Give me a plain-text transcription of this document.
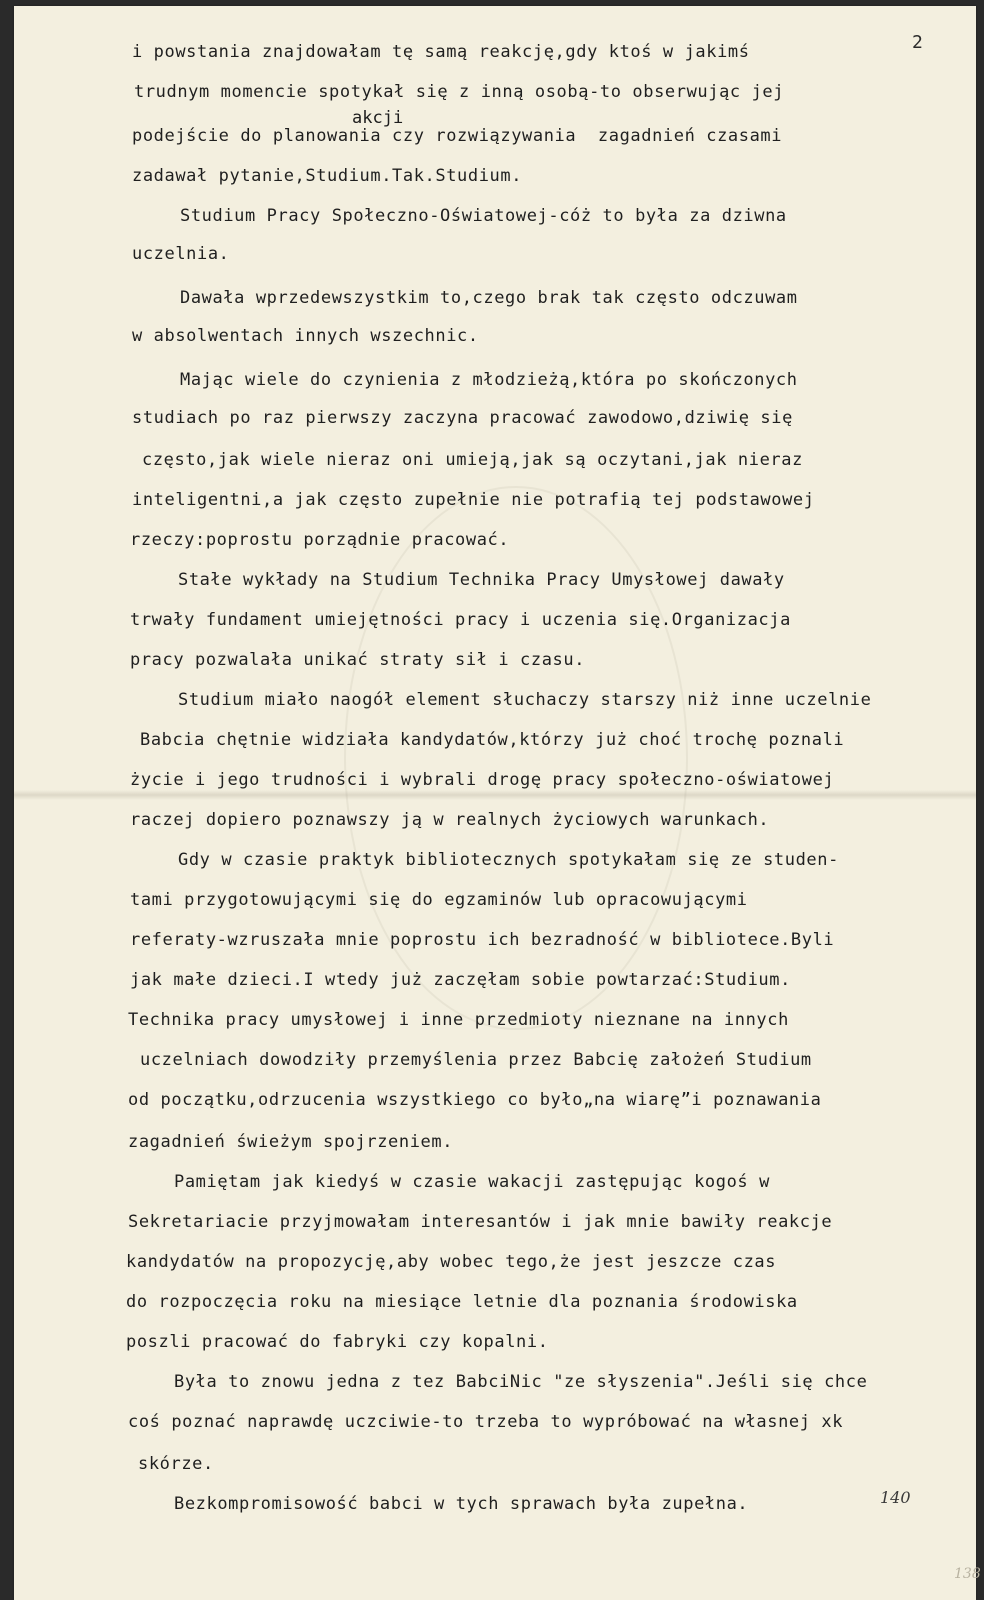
2
akcji
i powstania znajdowałam tę samą reakcję,gdy ktoś w jakimś
trudnym momencie spotykał się z inną osobą-to obserwując jej
podejście do planowania czy rozwiązywania  zagadnień czasami
zadawał pytanie,Studium.Tak.Studium.
Studium Pracy Społeczno-Oświatowej-cóż to była za dziwna
uczelnia.
Dawała wprzedewszystkim to,czego brak tak często odczuwam
w absolwentach innych wszechnic.
Mając wiele do czynienia z młodzieżą,która po skończonych
studiach po raz pierwszy zaczyna pracować zawodowo,dziwię się
często,jak wiele nieraz oni umieją,jak są oczytani,jak nieraz
inteligentni,a jak często zupełnie nie potrafią tej podstawowej
rzeczy:poprostu porządnie pracować.
Stałe wykłady na Studium Technika Pracy Umysłowej dawały
trwały fundament umiejętności pracy i uczenia się.Organizacja
pracy pozwalała unikać straty sił i czasu.
Studium miało naogół element słuchaczy starszy niż inne uczelnie
Babcia chętnie widziała kandydatów,którzy już choć trochę poznali
życie i jego trudności i wybrali drogę pracy społeczno-oświatowej
raczej dopiero poznawszy ją w realnych życiowych warunkach.
Gdy w czasie praktyk bibliotecznych spotykałam się ze studen-
tami przygotowującymi się do egzaminów lub opracowującymi
referaty-wzruszała mnie poprostu ich bezradność w bibliotece.Byli
jak małe dzieci.I wtedy już zaczęłam sobie powtarzać:Studium.
Technika pracy umysłowej i inne przedmioty nieznane na innych
uczelniach dowodziły przemyślenia przez Babcię założeń Studium
od początku,odrzucenia wszystkiego co było„na wiarę”i poznawania
zagadnień świeżym spojrzeniem.
Pamiętam jak kiedyś w czasie wakacji zastępując kogoś w
Sekretariacie przyjmowałam interesantów i jak mnie bawiły reakcje
kandydatów na propozycję,aby wobec tego,że jest jeszcze czas
do rozpoczęcia roku na miesiące letnie dla poznania środowiska
poszli pracować do fabryki czy kopalni.
Była to znowu jedna z tez BabciNic "ze słyszenia".Jeśli się chce
coś poznać naprawdę uczciwie-to trzeba to wypróbować na własnej xk
skórze.
Bezkompromisowość babci w tych sprawach była zupełna.	140
138
